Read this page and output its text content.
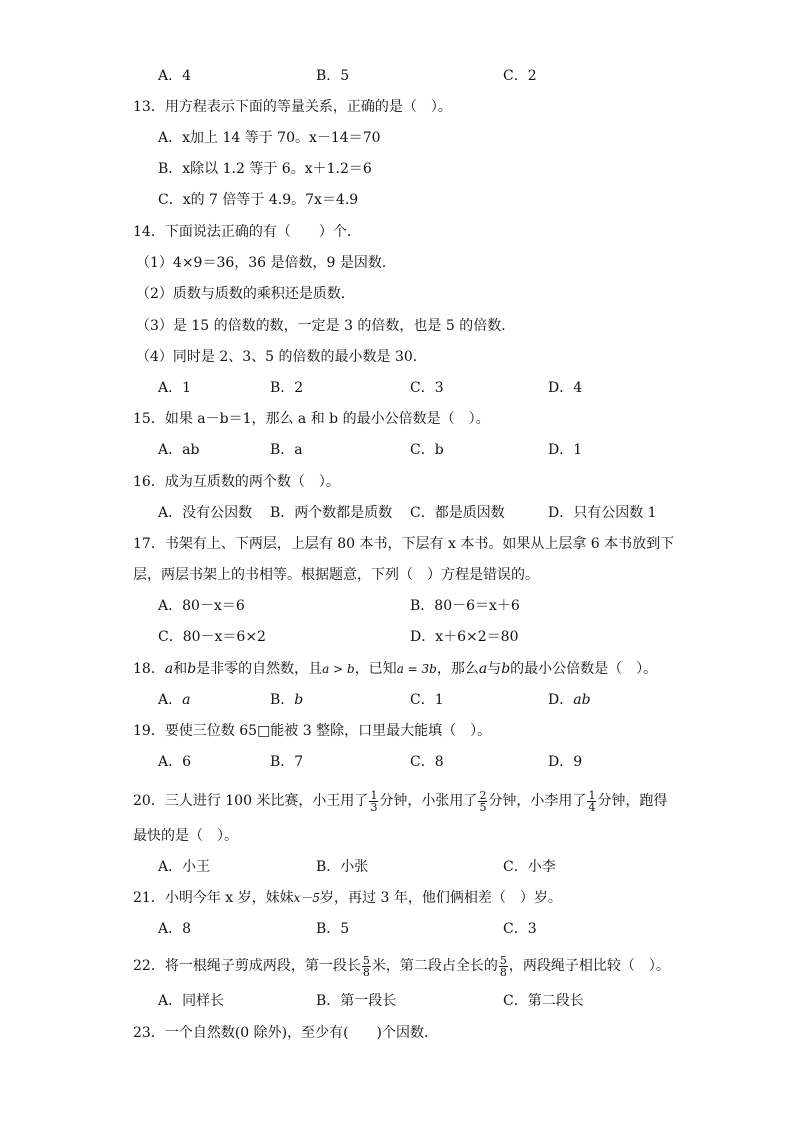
A．4	B．5	C．2
13．用方程表示下面的等量关系，正确的是（　）。
A．x加上 14 等于 70。x－14＝70
B．x除以 1.2 等于 6。x＋1.2＝6
C．x的 7 倍等于 4.9。7x＝4.9
14．下面说法正确的有（　　）个．
（1）4×9＝36，36 是倍数，9 是因数．
（2）质数与质数的乘积还是质数．
（3）是 15 的倍数的数，一定是 3 的倍数，也是 5 的倍数．
（4）同时是 2、3、5 的倍数的最小数是 30．
A．1	B．2	C．3	D．4
15．如果 a－b＝1，那么 a 和 b 的最小公倍数是（　）。
A．ab	B．a	C．b	D．1
16．成为互质数的两个数（　）。
A．没有公因数 B．两个数都是质数 C．都是质因数	D．只有公因数 1
17．书架有上、下两层，上层有 80 本书，下层有 x 本书。如果从上层拿 6 本书放到下
层，两层书架上的书相等。根据题意，下列（　）方程是错误的。
A．80－x＝6	B．80－6＝x＋6
C．80－x＝6×2	D．x＋6×2＝80
18．a和b是非零的自然数，且a > b，已知a = 3b，那么a与b的最小公倍数是（　）。
A．a	B．b	C．1	D．ab
19．要使三位数 65□能被 3 整除，口里最大能填（　）。
A．6	B．7	C．8	D．9
20．三人进行 100 米比赛，小王用了 $\frac{1}{3}$ 分钟，小张用了 $\frac{2}{5}$ 分钟，小李用了 $\frac{1}{4}$ 分钟，跑得
最快的是（　）。
A．小王	B．小张	C．小李
21．小明今年 x 岁，妹妹x－5岁，再过 3 年，他们俩相差（　）岁。
A．8	B．5	C．3
22．将一根绳子剪成两段，第一段长 $\frac{5}{8}$ 米，第二段占全长的 $\frac{5}{8}$ ，两段绳子相比较（　）。
A．同样长	B．第一段长	C．第二段长
23．一个自然数(0 除外)，至少有(　　)个因数．
